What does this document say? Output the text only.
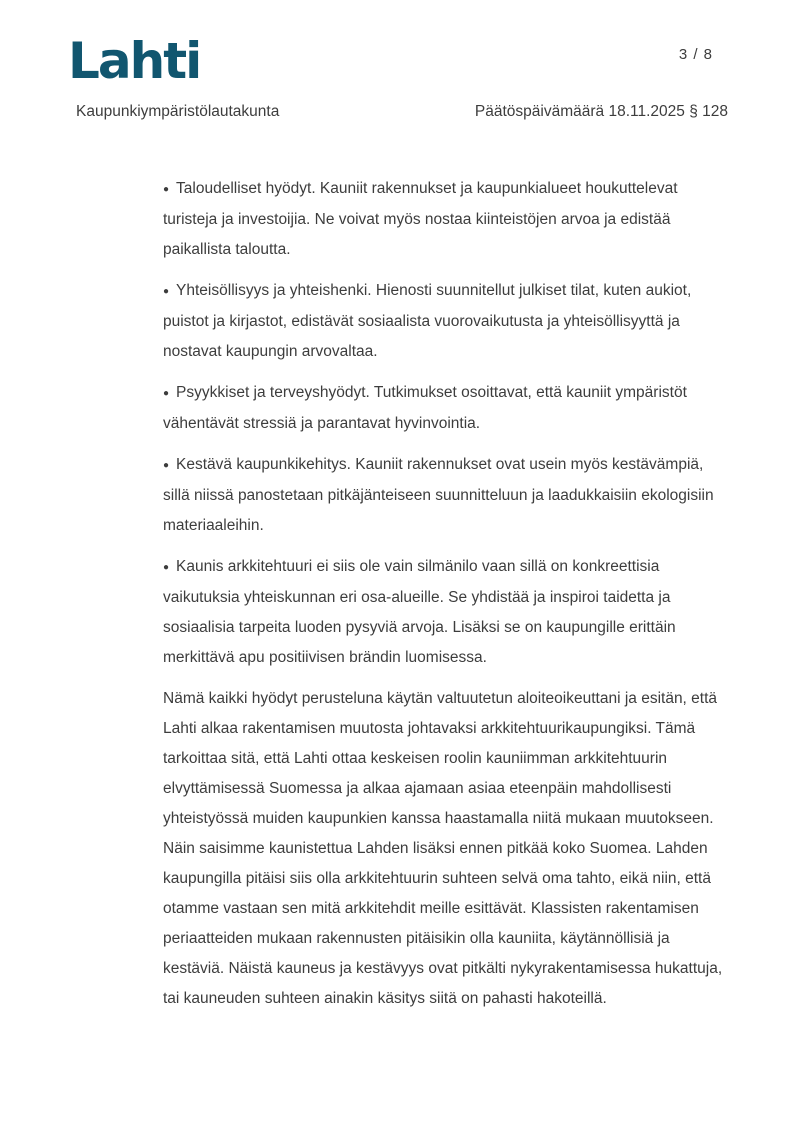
Lahti	3 / 8
Kaupunkiympäristölautakunta	Päätöspäivämäärä 18.11.2025 § 128

● Taloudelliset hyödyt. Kauniit rakennukset ja kaupunkialueet houkuttelevat turisteja ja investoijia. Ne voivat myös nostaa kiinteistöjen arvoa ja edistää paikallista taloutta.

● Yhteisöllisyys ja yhteishenki. Hienosti suunnitellut julkiset tilat, kuten aukiot, puistot ja kirjastot, edistävät sosiaalista vuorovaikutusta ja yhteisöllisyyttä ja nostavat kaupungin arvovaltaa.

● Psyykkiset ja terveyshyödyt. Tutkimukset osoittavat, että kauniit ympäristöt vähentävät stressiä ja parantavat hyvinvointia.

● Kestävä kaupunkikehitys. Kauniit rakennukset ovat usein myös kestävämpiä, sillä niissä panostetaan pitkäjänteiseen suunnitteluun ja laadukkaisiin ekologisiin materiaaleihin.

● Kaunis arkkitehtuuri ei siis ole vain silmänilo vaan sillä on konkreettisia vaikutuksia yhteiskunnan eri osa-alueille. Se yhdistää ja inspiroi taidetta ja sosiaalisia tarpeita luoden pysyviä arvoja. Lisäksi se on kaupungille erittäin merkittävä apu positiivisen brändin luomisessa.

Nämä kaikki hyödyt perusteluna käytän valtuutetun aloiteoikeuttani ja esitän, että Lahti alkaa rakentamisen muutosta johtavaksi arkkitehtuurikaupungiksi. Tämä tarkoittaa sitä, että Lahti ottaa keskeisen roolin kauniimman arkkitehtuurin elvyttämisessä Suomessa ja alkaa ajamaan asiaa eteenpäin mahdollisesti yhteistyössä muiden kaupunkien kanssa haastamalla niitä mukaan muutokseen. Näin saisimme kaunistettua Lahden lisäksi ennen pitkää koko Suomea. Lahden kaupungilla pitäisi siis olla arkkitehtuurin suhteen selvä oma tahto, eikä niin, että otamme vastaan sen mitä arkkitehdit meille esittävät. Klassisten rakentamisen periaatteiden mukaan rakennusten pitäisikin olla kauniita, käytännöllisiä ja kestäviä. Näistä kauneus ja kestävyys ovat pitkälti nykyrakentamisessa hukattuja, tai kauneuden suhteen ainakin käsitys siitä on pahasti hakoteillä.
